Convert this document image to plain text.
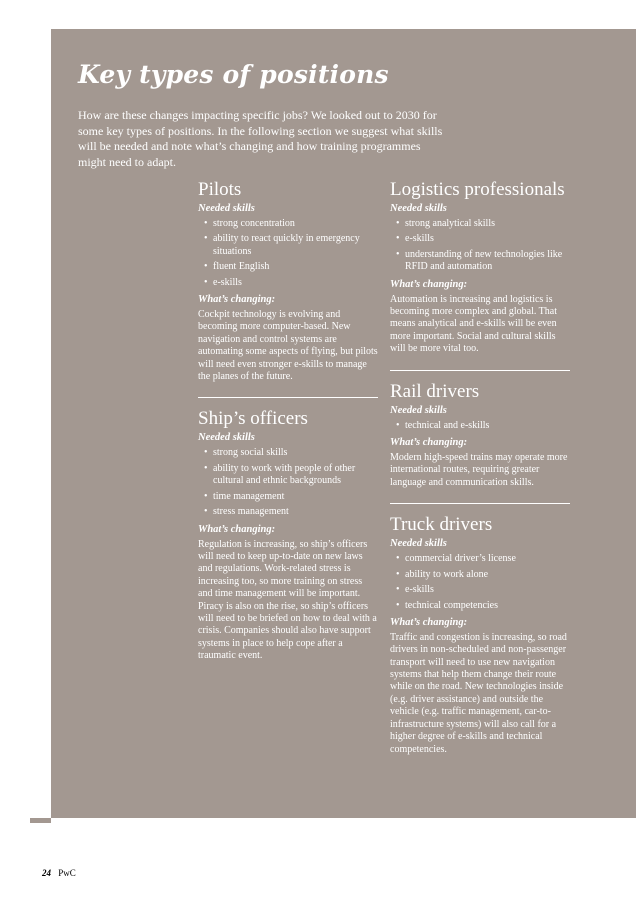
Key types of positions

How are these changes impacting specific jobs? We looked out to 2030 for some key types of positions. In the following section we suggest what skills will be needed and note what’s changing and how training programmes might need to adapt.

Pilots
Needed skills
• strong concentration
• ability to react quickly in emergency situations
• fluent English
• e-skills
What’s changing:

Cockpit technology is evolving and becoming more computer-based. New navigation and control systems are automating some aspects of flying, but pilots will need even stronger e-skills to manage the planes of the future.

Ship’s officers
Needed skills
• strong social skills
• ability to work with people of other cultural and ethnic backgrounds
• time management
• stress management
What’s changing:

Regulation is increasing, so ship’s officers will need to keep up-to-date on new laws and regulations. Work-related stress is increasing too, so more training on stress and time management will be important. Piracy is also on the rise, so ship’s officers will need to be briefed on how to deal with a crisis. Companies should also have support systems in place to help cope after a traumatic event.

Logistics professionals
Needed skills
• strong analytical skills
• e-skills
• understanding of new technologies like RFID and automation
What’s changing:

Automation is increasing and logistics is becoming more complex and global. That means analytical and e-skills will be even more important. Social and cultural skills will be more vital too.

Rail drivers
Needed skills
• technical and e-skills
What’s changing:

Modern high-speed trains may operate more international routes, requiring greater language and communication skills.

Truck drivers
Needed skills
• commercial driver’s license
• ability to work alone
• e-skills
• technical competencies
What’s changing:

Traffic and congestion is increasing, so road drivers in non-scheduled and non-passenger transport will need to use new navigation systems that help them change their route while on the road. New technologies inside (e.g. driver assistance) and outside the vehicle (e.g. traffic management, car-to-infrastructure systems) will also call for a higher degree of e-skills and technical competencies.

24 PwC
